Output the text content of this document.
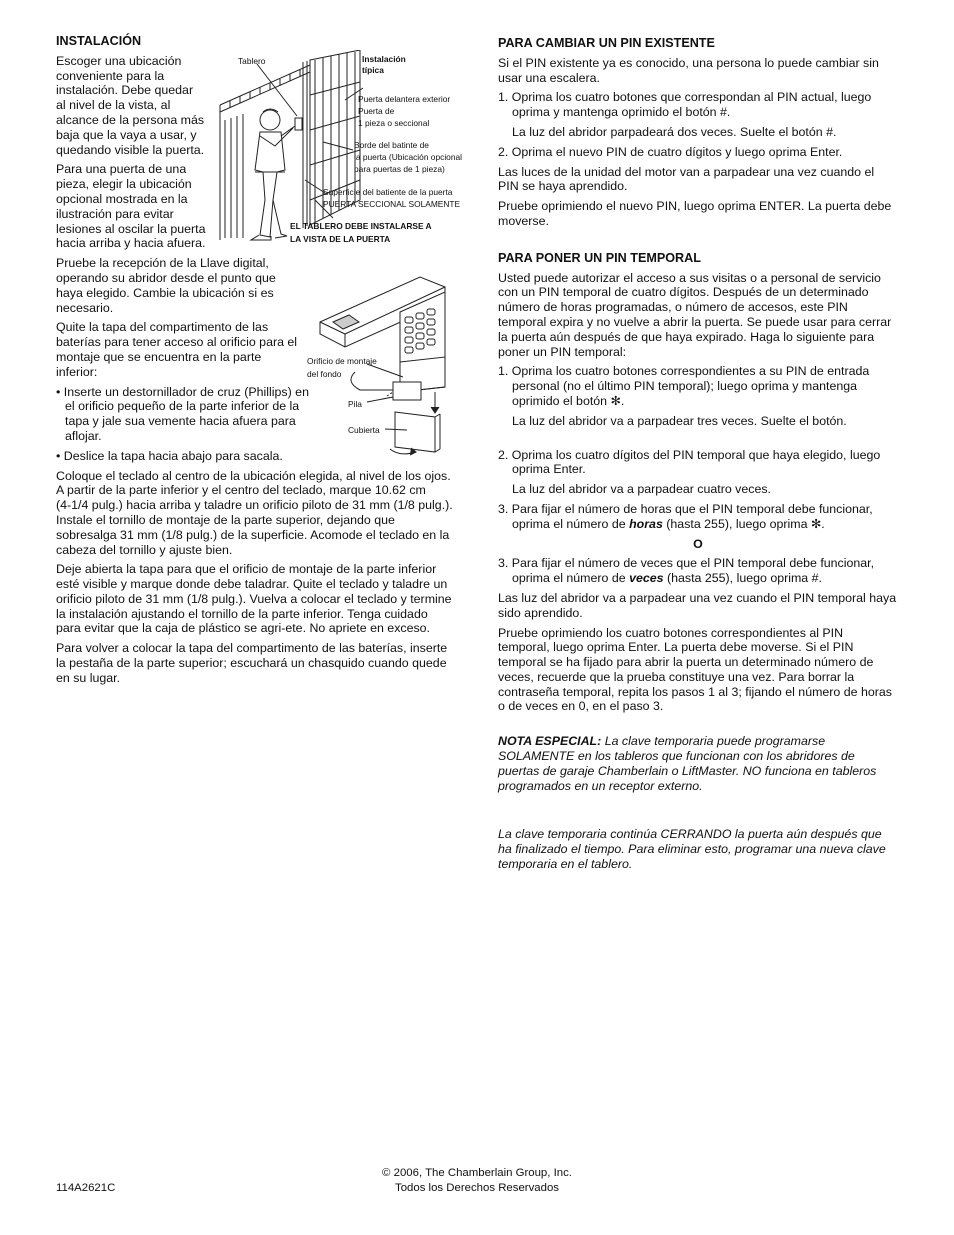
INSTALACIÓN

Escoger una ubicación conveniente para la instalación. Debe quedar al nivel de la vista, al alcance de la persona más baja que la vaya a usar, y quedando visible la puerta.

Para una puerta de una pieza, elegir la ubicación opcional mostrada en la ilustración para evitar lesiones al oscilar la puerta hacia arriba y hacia afuera.

Pruebe la recepción de la Llave digital, operando su abridor desde el punto que haya elegido. Cambie la ubicación si es necesario.

Quite la tapa del compartimento de las baterías para tener acceso al orificio para el montaje que se encuentra en la parte inferior:

• Inserte un destornillador de cruz (Phillips) en el orificio pequeño de la parte inferior de la tapa y jale sua vemente hacia afuera para aflojar.

• Deslice la tapa hacia abajo para sacala.

Coloque el teclado al centro de la ubicación elegida, al nivel de los ojos. A partir de la parte inferior y el centro del teclado, marque 10.62 cm

(4-1/4 pulg.) hacia arriba y taladre un orificio piloto de 31 mm (1/8 pulg.). Instale el tornillo de montaje de la parte superior, dejando que sobresalga 31 mm (1/8 pulg.) de la superficie. Acomode el teclado en la cabeza del tornillo y ajuste bien.

Deje abierta la tapa para que el orificio de montaje de la parte inferior esté visible y marque donde debe taladrar. Quite el teclado y taladre un orificio piloto de 31 mm (1/8 pulg.). Vuelva a colocar el teclado y termine la instalación ajustando el tornillo de la parte inferior. Tenga cuidado para evitar que la caja de plástico se agri-ete. No apriete en exceso.

Para volver a colocar la tapa del compartimento de las baterías, inserte la pestaña de la parte superior; escuchará un chasquido cuando quede en su lugar.

Tablero	Instalación
típica
Puerta delantera exterior
Puerta de
1 pieza o seccional
Borde del batinte de
la puerta (Ubicación opcional
para puertas de 1 pieza)
Superficie del batiente de la puerta
PUERTA SECCIONAL SOLAMENTE
EL TABLERO DEBE INSTALARSE A
LA VISTA DE LA PUERTA
Orificio de montaje
del fondo
Pila
Cubierta
PARA CAMBIAR UN PIN EXISTENTE

Si el PIN existente ya es conocido, una persona lo puede cambiar sin usar una escalera.

1. Oprima los cuatro botones que correspondan al PIN actual, luego oprima y mantenga oprimido el botón #.

La luz del abridor parpadeará dos veces. Suelte el botón #.

2. Oprima el nuevo PIN de cuatro dígitos y luego oprima Enter.

Las luces de la unidad del motor van a parpadear una vez cuando el PIN se haya aprendido.

Pruebe oprimiendo el nuevo PIN, luego oprima ENTER. La puerta debe moverse.

PARA PONER UN PIN TEMPORAL

Usted puede autorizar el acceso a sus visitas o a personal de servicio con un PIN temporal de cuatro dígitos. Después de un determinado número de horas programadas, o número de accesos, este PIN temporal expira y no vuelve a abrir la puerta. Se puede usar para cerrar la puerta aún después de que haya expirado. Haga lo siguiente para poner un PIN temporal:

1. Oprima los cuatro botones correspondientes a su PIN de entrada personal (no el último PIN temporal); luego oprima y mantenga oprimido el botón ✻.

La luz del abridor va a parpadear tres veces. Suelte el botón.

2. Oprima los cuatro dígitos del PIN temporal que haya elegido, luego oprima Enter.

La luz del abridor va a parpadear cuatro veces.

3. Para fijar el número de horas que el PIN temporal debe funcionar, oprima el número de horas (hasta 255), luego oprima ✻.

O

3. Para fijar el número de veces que el PIN temporal debe funcionar, oprima el número de veces (hasta 255), luego oprima #.

Las luz del abridor va a parpadear una vez cuando el PIN temporal haya sido aprendido.

Pruebe oprimiendo los cuatro botones correspondientes al PIN temporal, luego oprima Enter. La puerta debe moverse. Si el PIN temporal se ha fijado para abrir la puerta un determinado número de veces, recuerde que la prueba constituye una vez. Para borrar la contraseña temporal, repita los pasos 1 al 3; fijando el número de horas o de veces en 0, en el paso 3.

NOTA ESPECIAL: La clave temporaria puede programarse SOLAMENTE en los tableros que funcionan con los abridores de puertas de garaje Chamberlain o LiftMaster. NO funciona en tableros programados en un receptor externo.

La clave temporaria continúa CERRANDO la puerta aún después que ha finalizado el tiempo. Para eliminar esto, programar una nueva clave temporaria en el tablero.

114A2621C
© 2006, The Chamberlain Group, Inc.
Todos los Derechos Reservados
